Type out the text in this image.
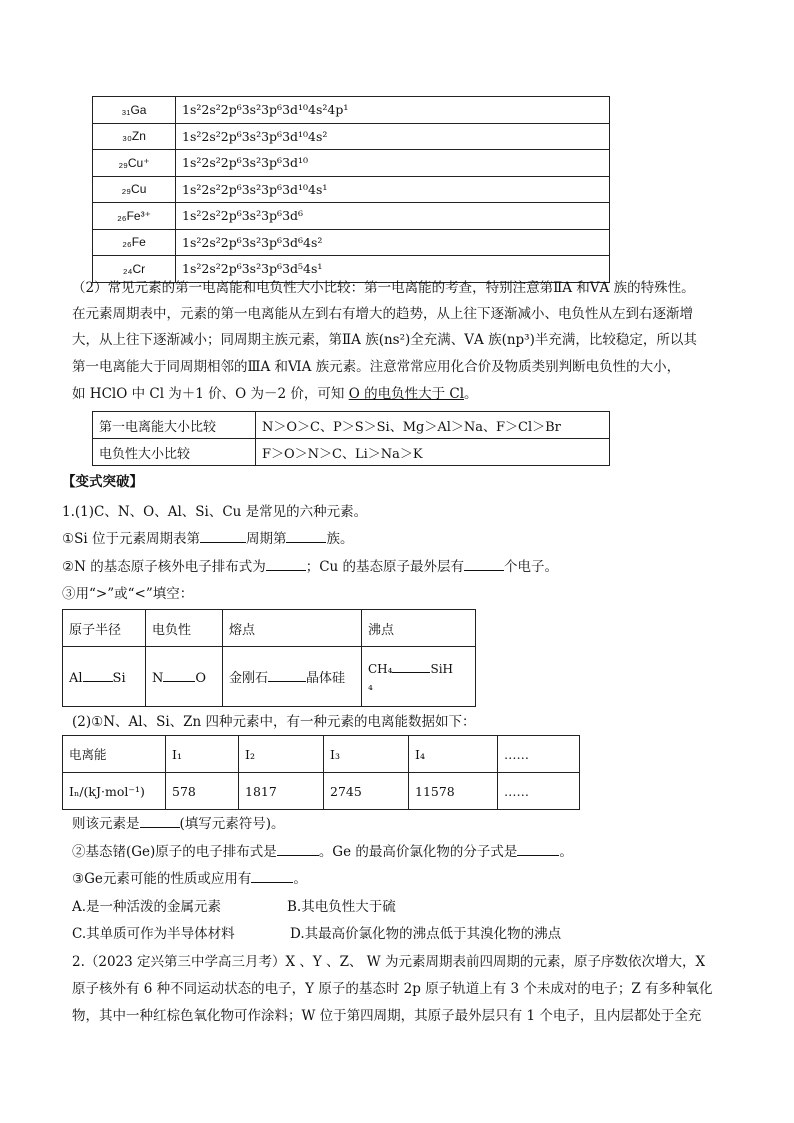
₃₁Ga	1s²2s²2p⁶3s²3p⁶3d¹⁰4s²4p¹
₃₀Zn	1s²2s²2p⁶3s²3p⁶3d¹⁰4s²
₂₉Cu⁺	1s²2s²2p⁶3s²3p⁶3d¹⁰
₂₉Cu	1s²2s²2p⁶3s²3p⁶3d¹⁰4s¹
₂₆Fe³⁺	1s²2s²2p⁶3s²3p⁶3d⁶
₂₆Fe	1s²2s²2p⁶3s²3p⁶3d⁶4s²
₂₄Cr	1s²2s²2p⁶3s²3p⁶3d⁵4s¹
（2）常见元素的第一电离能和电负性大小比较：第一电离能的考查，特别注意第ⅡA 和ⅤA 族的特殊性。
在元素周期表中，元素的第一电离能从左到右有增大的趋势，从上往下逐渐减小、电负性从左到右逐渐增
大，从上往下逐渐减小；同周期主族元素，第ⅡA 族(ns²)全充满、ⅤA 族(np³)半充满，比较稳定，所以其
第一电离能大于同周期相邻的ⅢA 和ⅥA 族元素。注意常常应用化合价及物质类别判断电负性的大小，
如 HClO 中 Cl 为＋1 价、O 为－2 价，可知 O 的电负性大于 Cl。
第一电离能大小比较	N＞O＞C、P＞S＞Si、Mg＞Al＞Na、F＞Cl＞Br
电负性大小比较	F＞O＞N＞C、Li＞Na＞K
【变式突破】
1.(1)C、N、O、Al、Si、Cu 是常见的六种元素。
①Si 位于元素周期表第	周期第	族。
②N 的基态原子核外电子排布式为	；Cu 的基态原子最外层有	个电子。
③用“>”或“<”填空：
原子半径	电负性	熔点	沸点
Al Si	N O	金刚石 晶体硅	CH₄ SiH
₄
(2)①N、Al、Si、Zn 四种元素中，有一种元素的电离能数据如下：
电离能	I₁	I₂	I₃	I₄	……
Iₙ/(kJ·mol⁻¹)	578	1817	2745	11578	……
则该元素是	(填写元素符号)。
②基态锗(Ge)原子的电子排布式是	。Ge 的最高价氯化物的分子式是	。
③Ge元素可能的性质或应用有	。
A.是一种活泼的金属元素	B.其电负性大于硫
C.其单质可作为半导体材料	D.其最高价氯化物的沸点低于其溴化物的沸点
2.（2023 定兴第三中学高三月考）X 、Y 、Z、 W 为元素周期表前四周期的元素，原子序数依次增大，X
原子核外有 6 种不同运动状态的电子，Y 原子的基态时 2p 原子轨道上有 3 个未成对的电子；Z 有多种氧化
物，其中一种红棕色氧化物可作涂料；W 位于第四周期，其原子最外层只有 1 个电子，且内层都处于全充
